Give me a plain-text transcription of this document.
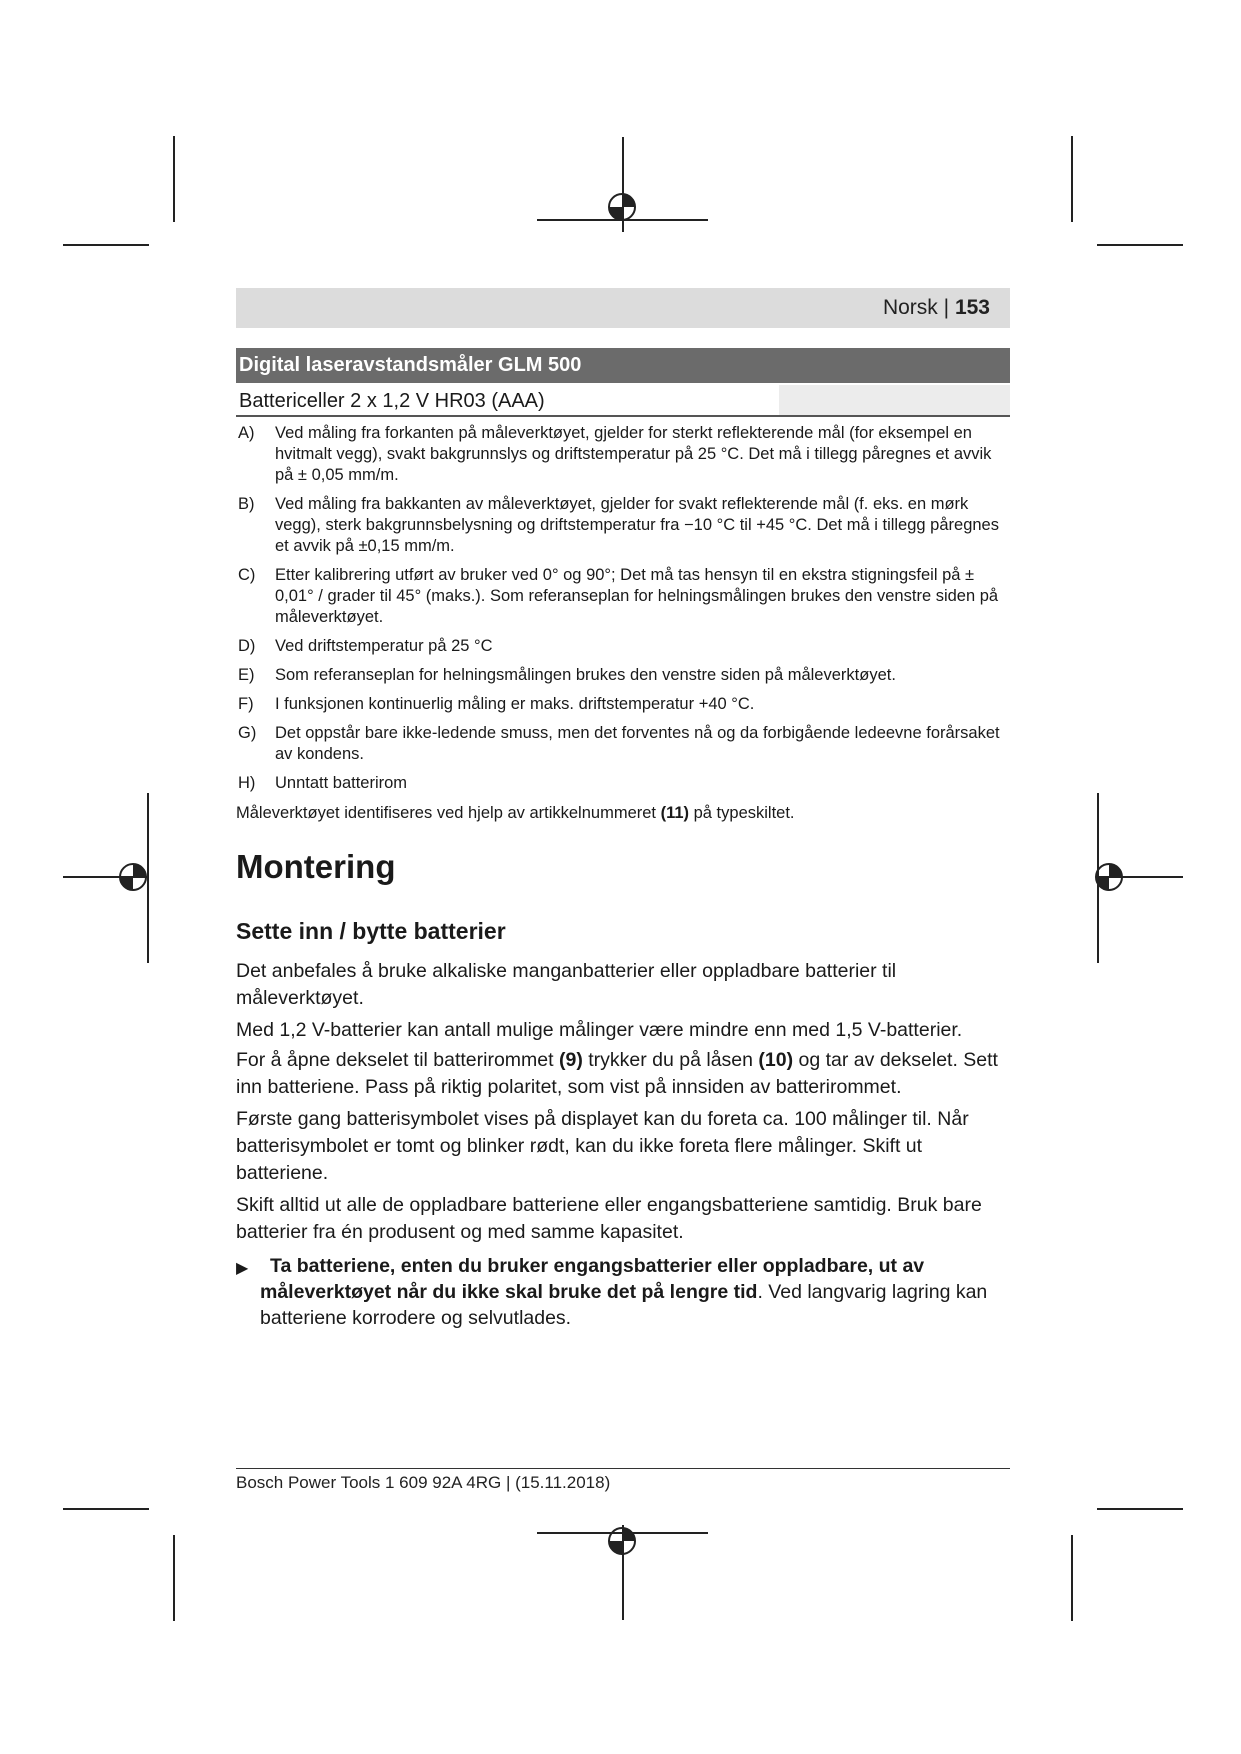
Norsk | 153
Digital laseravstandsmåler GLM 500
Battericeller 2 x 1,2 V HR03 (AAA)
A) Ved måling fra forkanten på måleverktøyet, gjelder for sterkt reflekterende mål (for eksempel en hvitmalt vegg), svakt bakgrunnslys og driftstemperatur på 25 °C. Det må i tillegg påregnes et avvik på ± 0,05 mm/m.
B) Ved måling fra bakkanten av måleverktøyet, gjelder for svakt reflekterende mål (f. eks. en mørk vegg), sterk bakgrunnsbelysning og driftstemperatur fra −10 °C til +45 °C. Det må i tillegg påregnes et avvik på ±0,15 mm/m.
C) Etter kalibrering utført av bruker ved 0° og 90°; Det må tas hensyn til en ekstra stigningsfeil på ± 0,01° / grader til 45° (maks.). Som referanseplan for helningsmålingen brukes den venstre siden på måleverktøyet.
D) Ved driftstemperatur på 25 °C
E) Som referanseplan for helningsmålingen brukes den venstre siden på måleverktøyet.
F) I funksjonen kontinuerlig måling er maks. driftstemperatur +40 °C.
G) Det oppstår bare ikke-ledende smuss, men det forventes nå og da forbigående ledeevne forårsaket av kondens.
H) Unntatt batterirom
Måleverktøyet identifiseres ved hjelp av artikkelnummeret (11) på typeskiltet.
Montering
Sette inn / bytte batterier
Det anbefales å bruke alkaliske manganbatterier eller oppladbare batterier til måleverktøyet.
Med 1,2 V-batterier kan antall mulige målinger være mindre enn med 1,5 V-batterier.
For å åpne dekselet til batterirommet (9) trykker du på låsen (10) og tar av dekselet. Sett inn batteriene. Pass på riktig polaritet, som vist på innsiden av batterirommet.
Første gang batterisymbolet vises på displayet kan du foreta ca. 100 målinger til. Når batterisymbolet er tomt og blinker rødt, kan du ikke foreta flere målinger. Skift ut batteriene.
Skift alltid ut alle de oppladbare batteriene eller engangsbatteriene samtidig. Bruk bare batterier fra én produsent og med samme kapasitet.
▶	Ta batteriene, enten du bruker engangsbatterier eller oppladbare, ut av
måleverktøyet når du ikke skal bruke det på lengre tid. Ved langvarig lagring kan batteriene korrodere og selvutlades.
Bosch Power Tools 1 609 92A 4RG | (15.11.2018)
